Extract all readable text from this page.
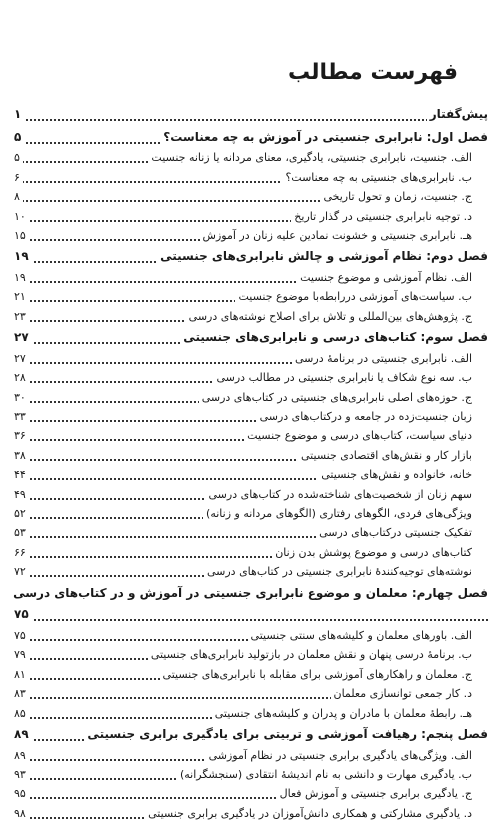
فهرست مطالب
پیش‌گفتار
۱
فصل اول: نابرابری جنسیتی در آموزش به چه معناست؟
۵
الف. جنسیت، نابرابری جنسیتی، یادگیری، معنای مردانه یا زنانه جنسیت
۵
ب. نابرابری‌های جنسیتی به چه معناست؟
۶
ج. جنسیت، زمان و تحول تاریخی
۸
د. توجیه نابرابری جنسیتی در گذار تاریخ
۱۰
هـ. نابرابری جنسیتی و خشونت نمادین علیه زنان در آموزش
۱۵
فصل دوم: نظام آموزشی و چالش نابرابری‌های جنسیتی
۱۹
الف. نظام آموزشی و موضوع جنسیت
۱۹
ب. سیاست‌های آموزشی دررابطه‌با موضوع جنسیت
۲۱
ج. پژوهش‌های بین‌المللی و تلاش برای اصلاح نوشته‌های درسی
۲۳
فصل سوم: کتاب‌های درسی و نابرابری‌های جنسیتی
۲۷
الف. نابرابری جنسیتی در برنامهٔ درسی
۲۷
ب. سه نوع شکاف یا نابرابری جنسیتی در مطالب درسی
۲۸
ج. حوزه‌های اصلی نابرابری‌های جنسیتی در کتاب‌های درسی
۳۰
زبان جنسیت‌زده در جامعه و درکتاب‌های درسی
۳۳
دنیای سیاست، کتاب‌های درسی و موضوع جنسیت
۳۶
بازار کار و نقش‌های اقتصادی جنسیتی
۳۸
خانه، خانواده و نقش‌های جنسیتی
۴۴
سهم زنان از شخصیت‌های شناخته‌شده در کتاب‌های درسی
۴۹
ویژگی‌های فردی، الگوهای رفتاری (الگوهای مردانه و زنانه)
۵۲
تفکیک جنسیتی درکتاب‌های درسی
۵۳
کتاب‌های درسی و موضوع پوشش بدن زنان
۶۶
نوشته‌های توجیه‌کنندهٔ نابرابری جنسیتی در کتاب‌های درسی
۷۲
فصل چهارم: معلمان و موضوع نابرابری جنسیتی در آموزش و در کتاب‌های درسی
۷۵
الف. باورهای معلمان و کلیشه‌های سنتی جنسیتی
۷۵
ب. برنامهٔ درسی پنهان و نقش معلمان در بازتولید نابرابری‌های جنسیتی
۷۹
ج. معلمان و راهکارهای آموزشی برای مقابله با نابرابری‌های جنسیتی
۸۱
د. کار جمعی توانسازی معلمان
۸۳
هـ. رابطهٔ معلمان با مادران و پدران و کلیشه‌های جنسیتی
۸۵
فصل پنجم: رهیافت آموزشی و تربیتی برای یادگیری برابری جنسیتی
۸۹
الف. ویژگی‌های یادگیری برابری جنسیتی در نظام آموزشی
۸۹
ب. یادگیری مهارت و دانشی به نام اندیشهٔ انتقادی (سنجشگرانه)
۹۳
ج. یادگیری برابری جنسیتی و آموزش فعال
۹۵
د. یادگیری مشارکتی و همکاری دانش‌آموزان در یادگیری برابری جنسیتی
۹۸
